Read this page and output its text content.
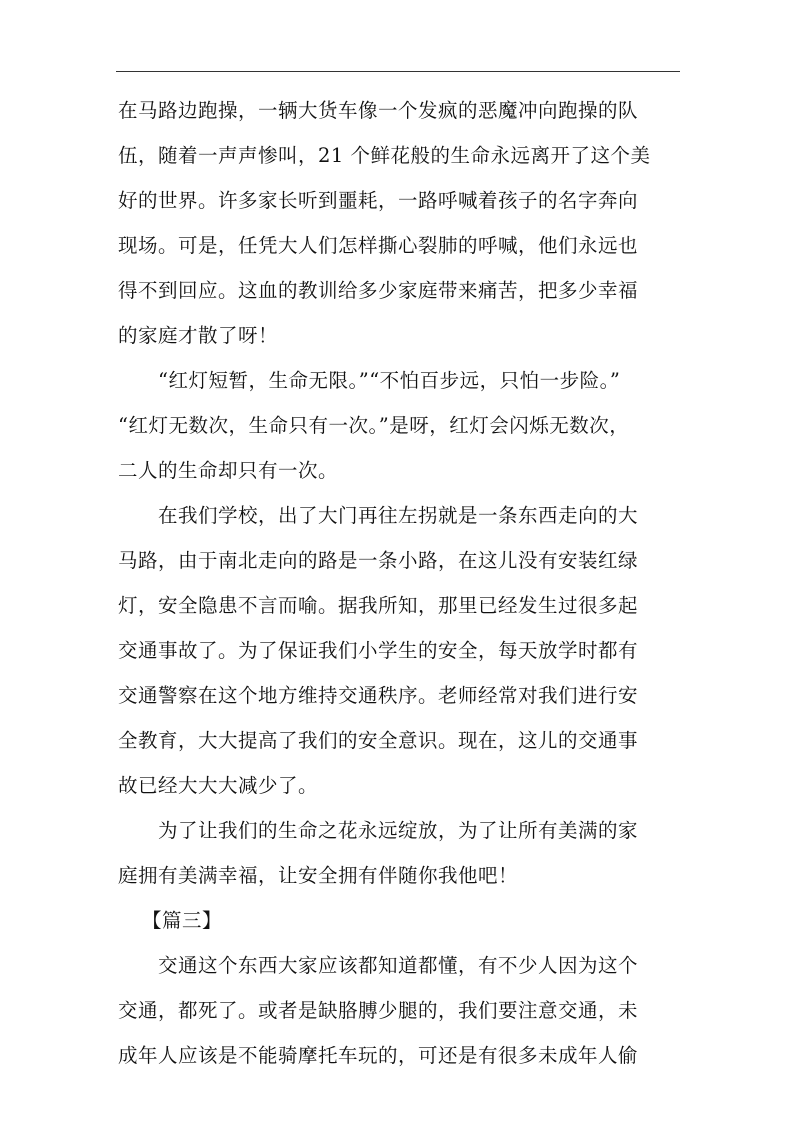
在马路边跑操，一辆大货车像一个发疯的恶魔冲向跑操的队
伍，随着一声声惨叫，21 个鲜花般的生命永远离开了这个美
好的世界。许多家长听到噩耗，一路呼喊着孩子的名字奔向
现场。可是，任凭大人们怎样撕心裂肺的呼喊，他们永远也
得不到回应。这血的教训给多少家庭带来痛苦，把多少幸福
的家庭才散了呀！
“红灯短暂，生命无限。”“不怕百步远，只怕一步险。”
“红灯无数次，生命只有一次。”是呀，红灯会闪烁无数次，
二人的生命却只有一次。
在我们学校，出了大门再往左拐就是一条东西走向的大
马路，由于南北走向的路是一条小路，在这儿没有安装红绿
灯，安全隐患不言而喻。据我所知，那里已经发生过很多起
交通事故了。为了保证我们小学生的安全，每天放学时都有
交通警察在这个地方维持交通秩序。老师经常对我们进行安
全教育，大大提高了我们的安全意识。现在，这儿的交通事
故已经大大大减少了。
为了让我们的生命之花永远绽放，为了让所有美满的家
庭拥有美满幸福，让安全拥有伴随你我他吧！
【篇三】
交通这个东西大家应该都知道都懂，有不少人因为这个
交通，都死了。或者是缺胳膊少腿的，我们要注意交通，未
成年人应该是不能骑摩托车玩的，可还是有很多未成年人偷
